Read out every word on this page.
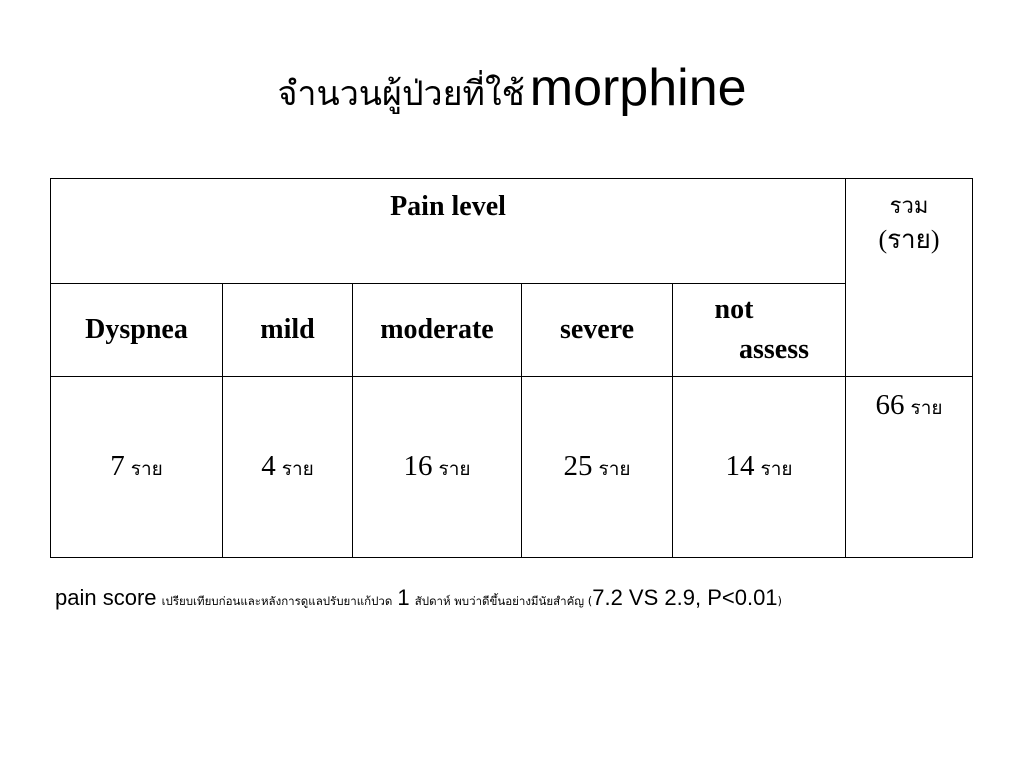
จำนวนผู้ป่วยที่ใช้ morphine
Pain level					รวม
(ราย)

Dyspnea	mild	moderate	severe	not
assess	

7 ราย	4 ราย	16 ราย	25 ราย	14 ราย	66 ราย
pain score เปรียบเทียบก่อนและหลังการดูแลปรับยาแก้ปวด 1 สัปดาห์ พบว่าดีขึ้นอย่างมีนัยสำคัญ (7.2 VS 2.9, P<0.01)
